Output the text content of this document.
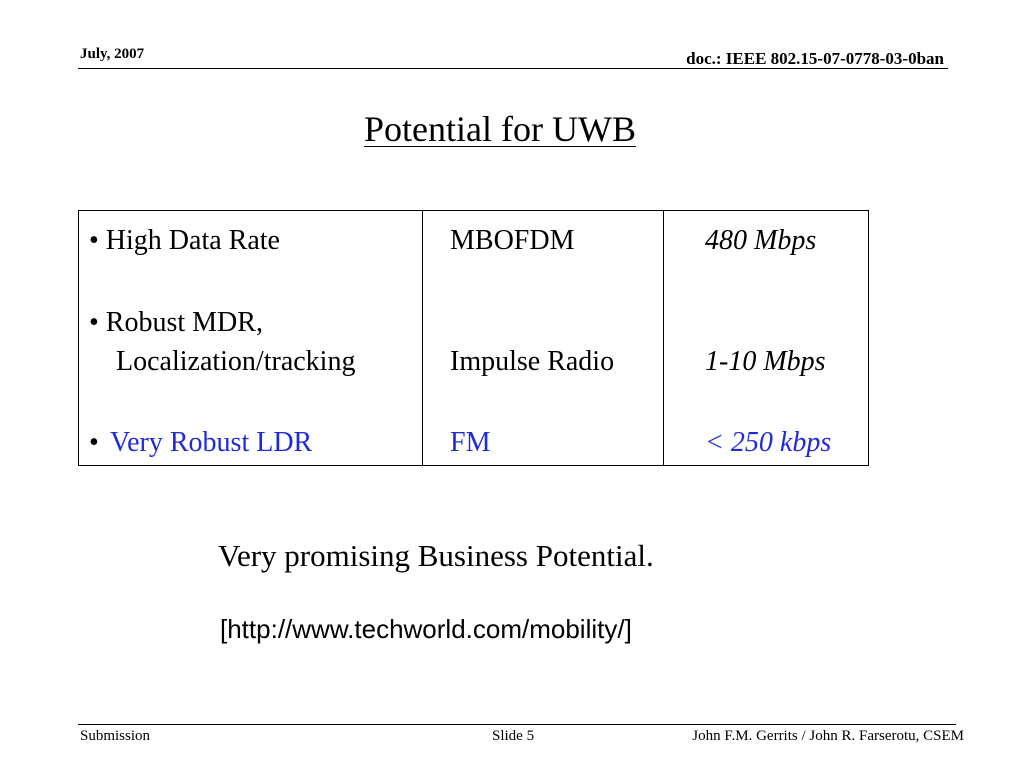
July, 2007	doc.: IEEE 802.15-07-0778-03-0ban
Potential for UWB
• High Data Rate	MBOFDM	480 Mbps
• Robust MDR,
Localization/tracking	Impulse Radio	1-10 Mbps
• Very Robust LDR	FM	< 250 kbps
Very promising Business Potential.
[http://www.techworld.com/mobility/]
Submission	Slide 5	John F.M. Gerrits / John R. Farserotu, CSEM
